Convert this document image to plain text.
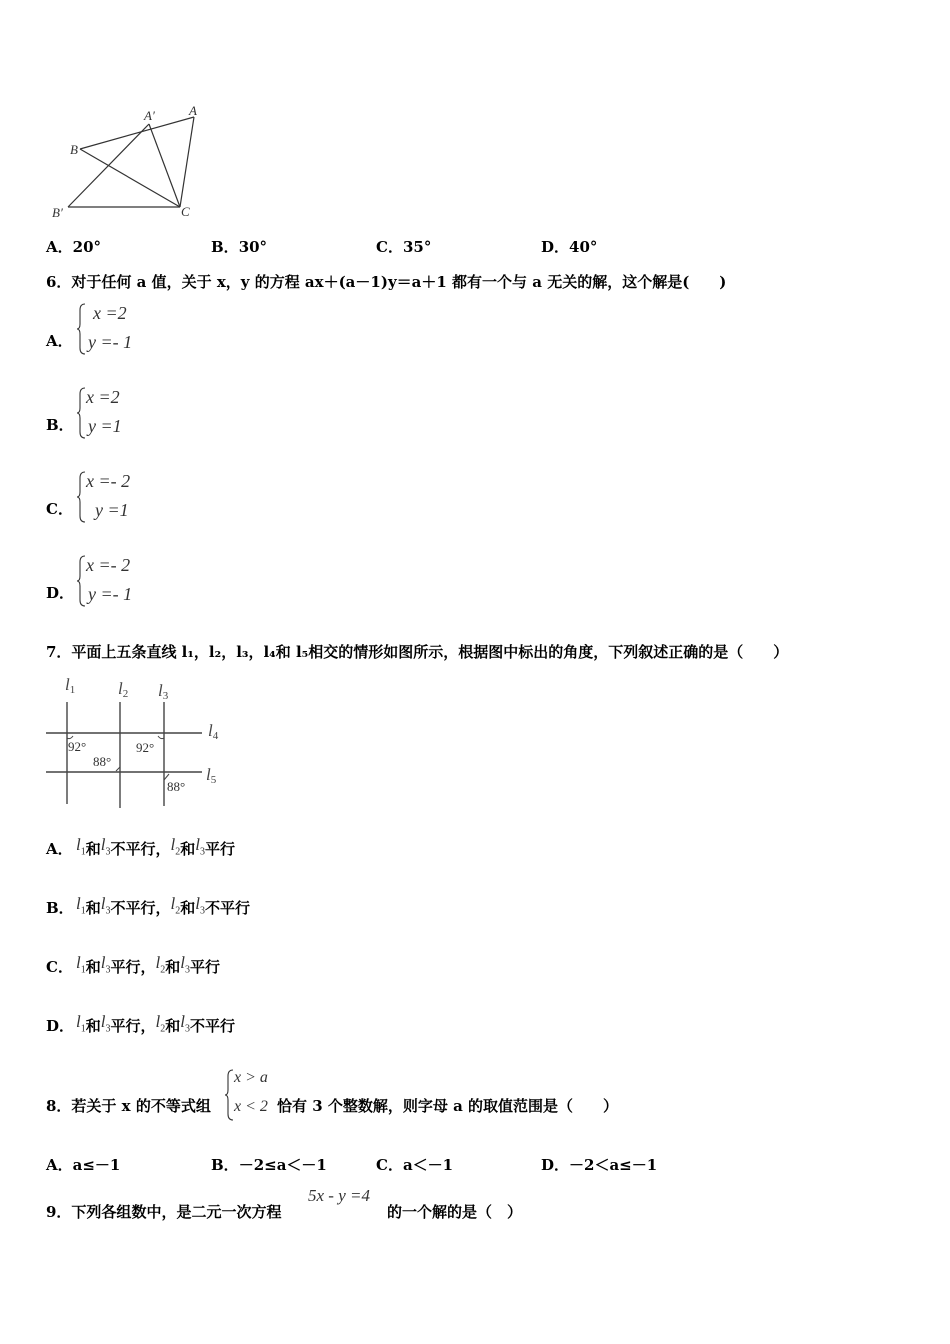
A
A′
B
B′	C
A．20°	B．30°	C．35°	D．40°
6．对于任何 a 值，关于 x，y 的方程 ax＋(a－1)y＝a＋1 都有一个与 a 无关的解，这个解是(　　)
A．
x =2
y =- 1
B．
x =2
y =1
C．
x =- 2
y =1
D．
x =- 2
y =- 1
7．平面上五条直线 l₁，l₂，l₃，l₄和 l₅相交的情形如图所示，根据图中标出的角度，下列叙述正确的是（　　）
l1	l2 l3
l4
l5
92°
88°
92°
88°
A． $l_1$和$l_3$不平行，$l_2$和$l_3$平行
B． $l_1$和$l_3$不平行，$l_2$和$l_3$不平行
C． $l_1$和$l_3$平行，$l_2$和$l_3$平行
D． $l_1$和$l_3$平行，$l_2$和$l_3$不平行
8．若关于 x 的不等式组
x > a
x < 2 恰有 3 个整数解，则字母 a 的取值范围是（　　）
A．a≤－1	B．－2≤a＜－1	C．a＜－1	D．－2＜a≤－1
9．下列各组数中，是二元一次方程
5x - y =4
的一个解的是（　）
